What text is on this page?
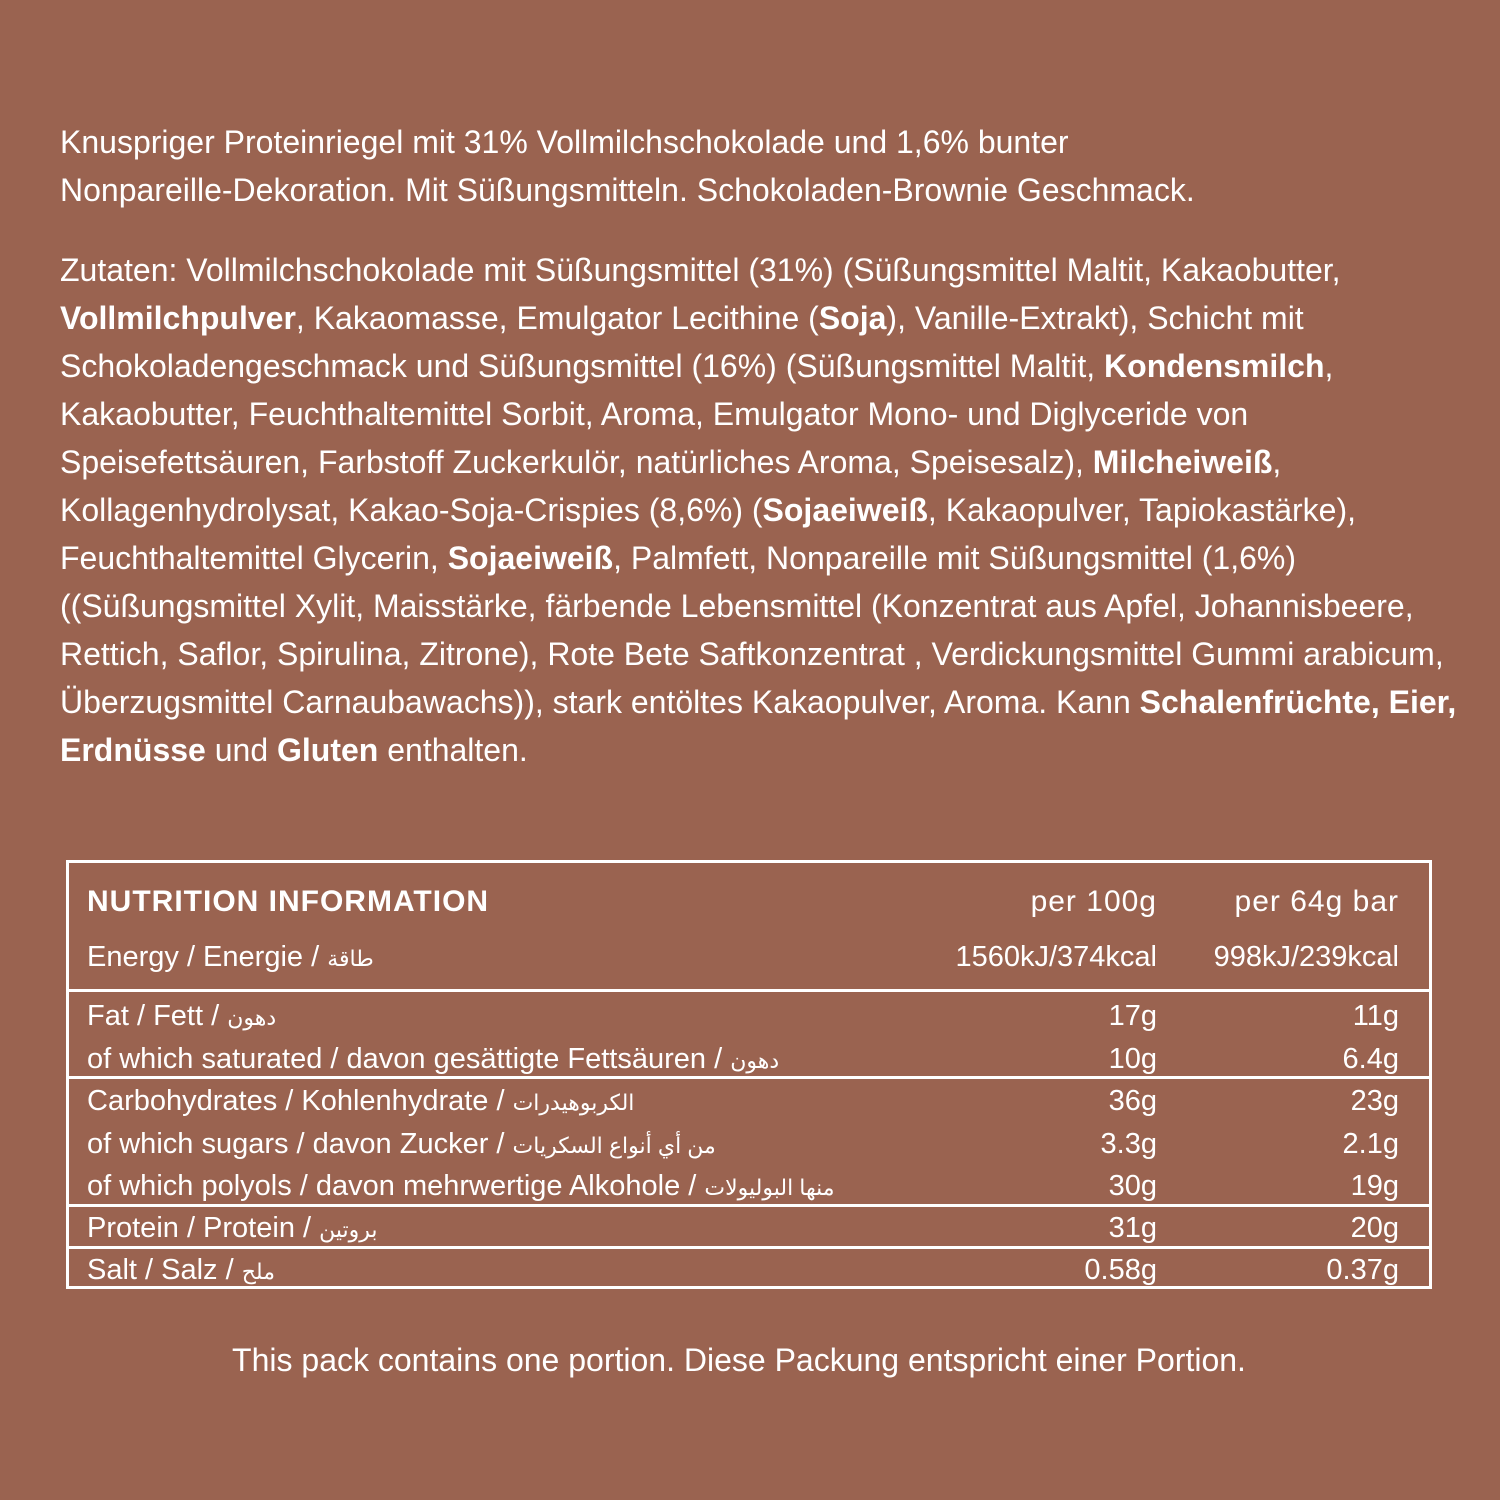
Knuspriger Proteinriegel mit 31% Vollmilchschokolade und 1,6% bunter
Nonpareille-Dekoration. Mit Süßungsmitteln. Schokoladen-Brownie Geschmack.
Zutaten: Vollmilchschokolade mit Süßungsmittel (31%) (Süßungsmittel Maltit, Kakaobutter, Vollmilchpulver, Kakaomasse, Emulgator Lecithine (Soja), Vanille-Extrakt), Schicht mit Schokoladengeschmack und Süßungsmittel (16%) (Süßungsmittel Maltit, Kondensmilch, Kakaobutter, Feuchthaltemittel Sorbit, Aroma, Emulgator Mono- und Diglyceride von Speisefettsäuren, Farbstoff Zuckerkulör, natürliches Aroma, Speisesalz), Milcheiweiß, Kollagenhydrolysat, Kakao-Soja-Crispies (8,6%) (Sojaeiweiß, Kakaopulver, Tapiokastärke), Feuchthaltemittel Glycerin, Sojaeiweiß, Palmfett, Nonpareille mit Süßungsmittel (1,6%) ((Süßungsmittel Xylit, Maisstärke, färbende Lebensmittel (Konzentrat aus Apfel, Johannisbeere, Rettich, Saflor, Spirulina, Zitrone), Rote Bete Saftkonzentrat , Verdickungsmittel Gummi arabicum, Überzugsmittel Carnaubawachs)), stark entöltes Kakaopulver, Aroma. Kann Schalenfrüchte, Eier, Erdnüsse und Gluten enthalten.
NUTRITION INFORMATION	per 100g	per 64g bar
Energy / Energie / طاقة	1560kJ/374kcal 998kJ/239kcal
Fat / Fett / دهون	17g	11g
of which saturated / davon gesättigte Fettsäuren / دهون	10g	6.4g
Carbohydrates / Kohlenhydrate / الكربوهيدرات	36g	23g
of which sugars / davon Zucker / من أي أنواع السكريات	3.3g	2.1g
of which polyols / davon mehrwertige Alkohole / منها البوليولات	30g	19g
Protein / Protein / بروتين	31g	20g
Salt / Salz / ملح	0.58g	0.37g
This pack contains one portion. Diese Packung entspricht einer Portion.
